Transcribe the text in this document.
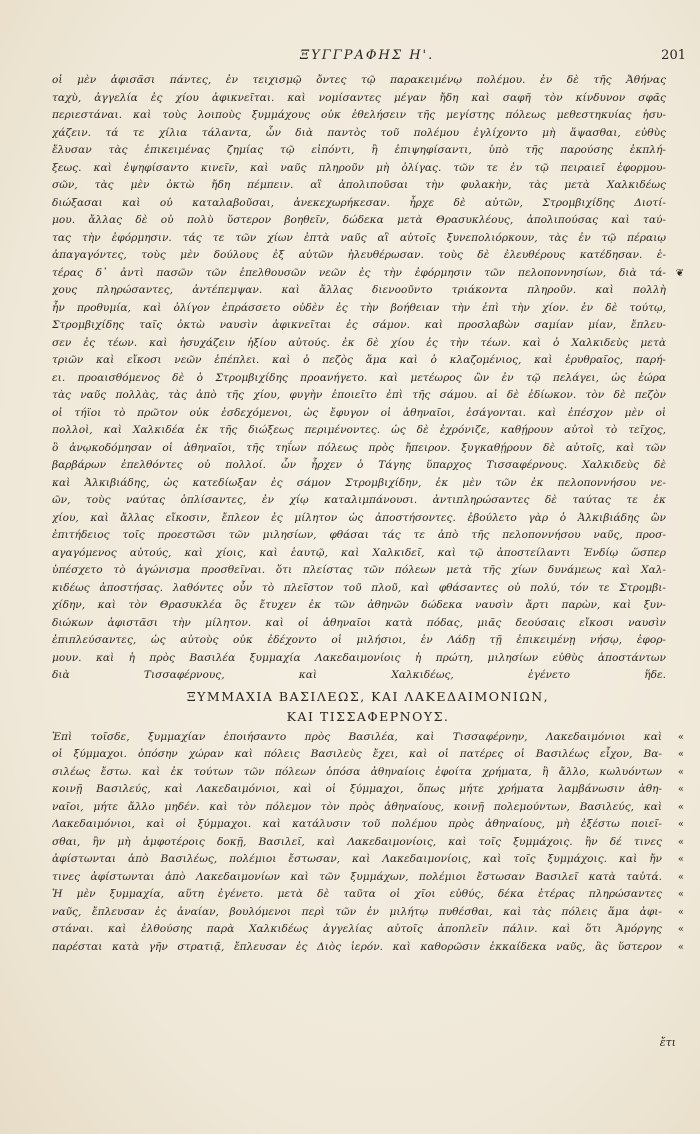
ΞΥΓΓΡΑΦΗΣ Η'.	201
οἱ μὲν ἀφισᾶσι πάντες, ἐν τειχισμῷ ὄντες τῷ παρακειμένῳ πολέμου. ἐν δὲ τῆς Ἀθήνας
ταχὺ, ἀγγελία ἐς χίου ἀφικνεῖται. καὶ νομίσαντες μέγαν ἤδη καὶ σαφῆ τὸν κίνδυνον σφᾶς
περιεστάναι. καὶ τοὺς λοιποὺς ξυμμάχους οὐκ ἐθελήσειν τῆς μεγίστης πόλεως μεθεστηκυίας ἡσυ-
χάζειν. τά τε χίλια τάλαντα, ὧν διὰ παντὸς τοῦ πολέμου ἐγλίχοντο μὴ ἅψασθαι, εὐθὺς
ἔλυσαν τὰς ἐπικειμένας ζημίας τῷ εἰπόντι, ἢ ἐπιψηφίσαντι, ὑπὸ τῆς παρούσης ἐκπλή-
ξεως. καὶ ἐψηφίσαντο κινεῖν, καὶ ναῦς πληροῦν μὴ ὀλίγας. τῶν τε ἐν τῷ πειραιεῖ ἐφορμου-
σῶν, τὰς μὲν ὀκτὼ ἤδη πέμπειν. αἳ ἀπολιποῦσαι τὴν φυλακὴν, τὰς μετὰ Χαλκιδέως
διώξασαι καὶ οὐ καταλαβοῦσαι, ἀνεκεχωρήκεσαν. ἦρχε δὲ αὐτῶν, Στρομβιχίδης Διοτί-
μου. ἄλλας δὲ οὐ πολὺ ὕστερον βοηθεῖν, δώδεκα μετὰ Θρασυκλέους, ἀπολιπούσας καὶ ταύ-
τας τὴν ἐφόρμησιν. τάς τε τῶν χίων ἑπτὰ ναῦς αἳ αὐτοῖς ξυνεπολιόρκουν, τὰς ἐν τῷ πέραιῳ
ἀπαγαγόντες, τοὺς μὲν δούλους ἐξ αὐτῶν ἠλευθέρωσαν. τοὺς δὲ ἐλευθέρους κατέδησαν. ἑ-
τέρας δ᾽ ἀντὶ πασῶν τῶν ἐπελθουσῶν νεῶν ἐς τὴν ἐφόρμησιν τῶν πελοποννησίων, διὰ τά- ❦
χους πληρώσαντες, ἀντέπεμψαν. καὶ ἄλλας διενοοῦντο τριάκοντα πληροῦν. καὶ πολλὴ
ἦν προθυμία, καὶ ὀλίγον ἐπράσσετο οὐδὲν ἐς τὴν βοήθειαν τὴν ἐπὶ τὴν χίον. ἐν δὲ τούτῳ,
Στρομβιχίδης ταῖς ὀκτὼ ναυσὶν ἀφικνεῖται ἐς σάμον. καὶ προσλαβὼν σαμίαν μίαν, ἔπλευ-
σεν ἐς τέων. καὶ ἡσυχάζειν ἠξίου αὐτούς. ἐκ δὲ χίου ἐς τὴν τέων. καὶ ὁ Χαλκιδεὺς μετὰ
τριῶν καὶ εἴκοσι νεῶν ἐπέπλει. καὶ ὁ πεζὸς ἅμα καὶ ὁ κλαζομένιος, καὶ ἐρυθραῖος, παρή-
ει. προαισθόμενος δὲ ὁ Στρομβιχίδης προανήγετο. καὶ μετέωρος ὢν ἐν τῷ πελάγει, ὡς ἑώρα
τὰς ναῦς πολλὰς, τὰς ἀπὸ τῆς χίου, φυγὴν ἐποιεῖτο ἐπὶ τῆς σάμου. αἱ δὲ ἐδίωκον. τὸν δὲ πεζὸν
οἱ τήϊοι τὸ πρῶτον οὐκ ἐσδεχόμενοι, ὡς ἔφυγον οἱ ἀθηναῖοι, ἐσάγονται. καὶ ἐπέσχον μὲν οἱ
πολλοὶ, καὶ Χαλκιδέα ἐκ τῆς διώξεως περιμένοντες. ὡς δὲ ἐχρόνιζε, καθῄρουν αὐτοὶ τὸ τεῖχος,
ὃ ἀνῳκοδόμησαν οἱ ἀθηναῖοι, τῆς τηΐων πόλεως πρὸς ἤπειρον. ξυγκαθῄρουν δὲ αὐτοῖς, καὶ τῶν
βαρβάρων ἐπελθόντες οὐ πολλοί. ὧν ἦρχεν ὁ Τάγης ὕπαρχος Τισσαφέρνους. Χαλκιδεὺς δὲ
καὶ Ἀλκιβιάδης, ὡς κατεδίωξαν ἐς σάμον Στρομβιχίδην, ἐκ μὲν τῶν ἐκ πελοποννήσου νε-
ῶν, τοὺς ναύτας ὁπλίσαντες, ἐν χίῳ καταλιμπάνουσι. ἀντιπληρώσαντες δὲ ταύτας τε ἐκ
χίου, καὶ ἄλλας εἴκοσιν, ἔπλεον ἐς μίλητον ὡς ἀποστήσοντες. ἐβούλετο γὰρ ὁ Ἀλκιβιάδης ὢν
ἐπιτήδειος τοῖς προεστῶσι τῶν μιλησίων, φθάσαι τάς τε ἀπὸ τῆς πελοποννήσου ναῦς, προσ-
αγαγόμενος αὐτούς, καὶ χίοις, καὶ ἑαυτῷ, καὶ Χαλκιδεῖ, καὶ τῷ ἀποστείλαντι Ἐνδίῳ ὥσπερ
ὑπέσχετο τὸ ἀγώνισμα προσθεῖναι. ὅτι πλείστας τῶν πόλεων μετὰ τῆς χίων δυνάμεως καὶ Χαλ-
κιδέως ἀποστήσας. λαθόντες οὖν τὸ πλεῖστον τοῦ πλοῦ, καὶ φθάσαντες οὐ πολύ, τόν τε Στρομβι-
χίδην, καὶ τὸν Θρασυκλέα ὃς ἔτυχεν ἐκ τῶν ἀθηνῶν δώδεκα ναυσὶν ἄρτι παρὼν, καὶ ξυν-
διώκων ἀφιστᾶσι τὴν μίλητον. καὶ οἱ ἀθηναῖοι κατὰ πόδας, μιᾶς δεούσαις εἴκοσι ναυσὶν
ἐπιπλεύσαντες, ὡς αὐτοὺς οὐκ ἐδέχοντο οἱ μιλήσιοι, ἐν Λάδῃ τῇ ἐπικειμένῃ νήσῳ, ἐφορ-
μουν. καὶ ἡ πρὸς Βασιλέα ξυμμαχία Λακεδαιμονίοις ἡ πρώτη, μιλησίων εὐθὺς ἀποστάντων
διὰ Τισσαφέρνους, καὶ Χαλκιδέως, ἐγένετο ἥδε.
ΞΥΜΜΑΧΙΑ ΒΑΣΙΛΕΩΣ, ΚΑΙ ΛΑΚΕΔΑΙΜΟΝΙΩΝ,
ΚΑΙ ΤΙΣΣΑΦΕΡΝΟΥΣ.
Ἐπὶ τοῖσδε, ξυμμαχίαν ἐποιήσαντο πρὸς Βασιλέα, καὶ Τισσαφέρνην, Λακεδαιμόνιοι καὶ «
οἱ ξύμμαχοι. ὁπόσην χώραν καὶ πόλεις Βασιλεὺς ἔχει, καὶ οἱ πατέρες οἱ Βασιλέως εἶχον, Βα- «
σιλέως ἔστω. καὶ ἐκ τούτων τῶν πόλεων ὁπόσα ἀθηναίοις ἐφοίτα χρήματα, ἢ ἄλλο, κωλυόντων «
κοινῇ Βασιλεύς, καὶ Λακεδαιμόνιοι, καὶ οἱ ξύμμαχοι, ὅπως μήτε χρήματα λαμβάνωσιν ἀθη- «
ναῖοι, μήτε ἄλλο μηδέν. καὶ τὸν πόλεμον τὸν πρὸς ἀθηναίους, κοινῇ πολεμούντων, Βασιλεύς, καὶ «
Λακεδαιμόνιοι, καὶ οἱ ξύμμαχοι. καὶ κατάλυσιν τοῦ πολέμου πρὸς ἀθηναίους, μὴ ἐξέστω ποιεῖ- «
σθαι, ἢν μὴ ἀμφοτέροις δοκῇ, Βασιλεῖ, καὶ Λακεδαιμονίοις, καὶ τοῖς ξυμμάχοις. ἢν δέ τινες «
ἀφίστωνται ἀπὸ Βασιλέως, πολέμιοι ἔστωσαν, καὶ Λακεδαιμονίοις, καὶ τοῖς ξυμμάχοις. καὶ ἤν «
τινες ἀφίστωνται ἀπὸ Λακεδαιμονίων καὶ τῶν ξυμμάχων, πολέμιοι ἔστωσαν Βασιλεῖ κατὰ ταὐτά. «
Ἡ μὲν ξυμμαχία, αὕτη ἐγένετο. μετὰ δὲ ταῦτα οἱ χῖοι εὐθύς, δέκα ἑτέρας πληρώσαντες «
ναῦς, ἔπλευσαν ἐς ἀναίαν, βουλόμενοι περὶ τῶν ἐν μιλήτῳ πυθέσθαι, καὶ τὰς πόλεις ἅμα ἀφι- «
στάναι. καὶ ἐλθούσης παρὰ Χαλκιδέως ἀγγελίας αὐτοῖς ἀποπλεῖν πάλιν. καὶ ὅτι Ἀμόργης «
παρέσται κατὰ γῆν στρατιᾷ, ἔπλευσαν ἐς Διὸς ἱερόν. καὶ καθορῶσιν ἑκκαίδεκα ναῦς, ἃς ὕστερον «
ἔτι
